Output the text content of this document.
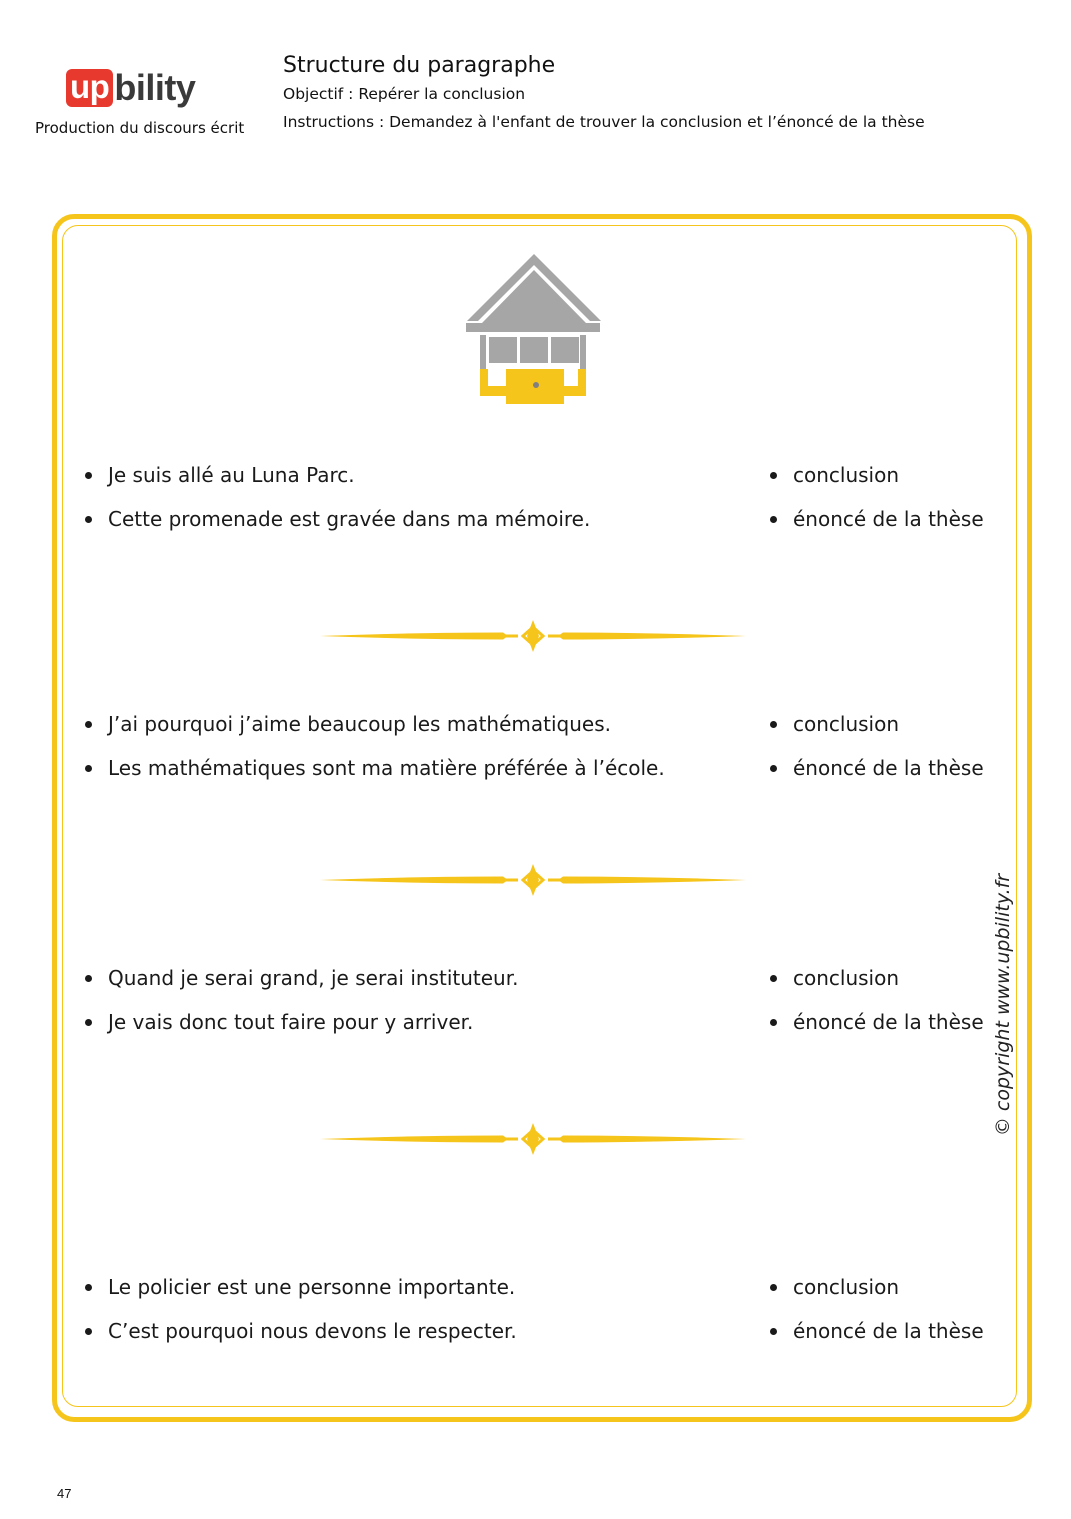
up bility
Production du discours écrit
Structure du paragraphe
Objectif : Repérer la conclusion
Instructions : Demandez à l'enfant de trouver la conclusion et l’énoncé de la thèse
Je suis allé au Luna Parc.
Cette promenade est gravée dans ma mémoire.
conclusion
énoncé de la thèse
J’ai pourquoi j’aime beaucoup les mathématiques.
Les mathématiques sont ma matière préférée à l’école.
conclusion
énoncé de la thèse
Quand je serai grand, je serai instituteur.
Je vais donc tout faire pour y arriver.
conclusion
énoncé de la thèse
Le policier est une personne importante.
C’est pourquoi nous devons le respecter.
conclusion
énoncé de la thèse
© copyright www.upbility.fr
47
